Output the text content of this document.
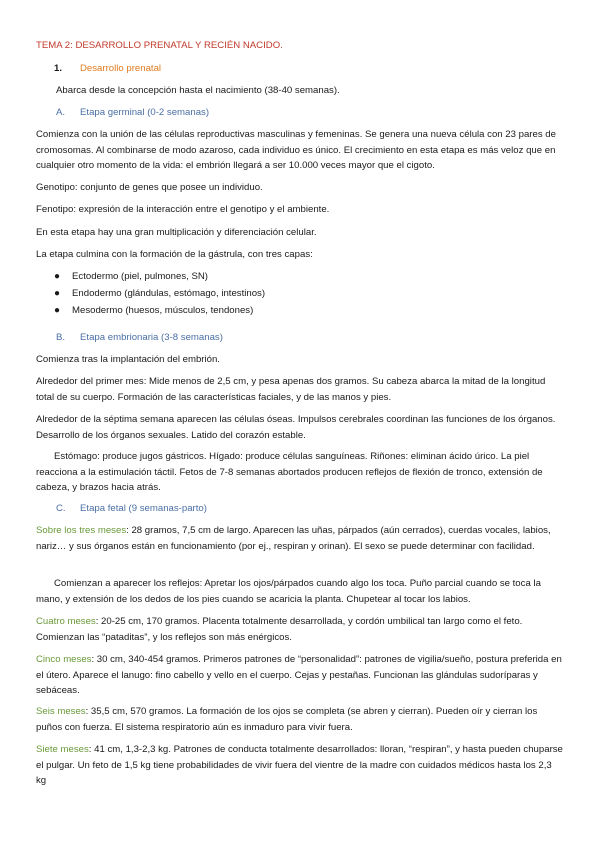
TEMA 2: DESARROLLO PRENATAL Y RECIÉN NACIDO.

1. Desarrollo prenatal

Abarca desde la concepción hasta el nacimiento (38-40 semanas).

A. Etapa germinal (0-2 semanas)

Comienza con la unión de las células reproductivas masculinas y femeninas. Se genera una nueva célula con 23 pares de cromosomas. Al combinarse de modo azaroso, cada individuo es único. El crecimiento en esta etapa es más veloz que en cualquier otro momento de la vida: el embrión llegará a ser 10.000 veces mayor que el cigoto.

Genotipo: conjunto de genes que posee un individuo.

Fenotipo: expresión de la interacción entre el genotipo y el ambiente.

En esta etapa hay una gran multiplicación y diferenciación celular.

La etapa culmina con la formación de la gástrula, con tres capas:

● Ectodermo (piel, pulmones, SN)
● Endodermo (glándulas, estómago, intestinos)
● Mesodermo (huesos, músculos, tendones)

B. Etapa embrionaria (3-8 semanas)

Comienza tras la implantación del embrión.

Alrededor del primer mes: Mide menos de 2,5 cm, y pesa apenas dos gramos. Su cabeza abarca la mitad de la longitud total de su cuerpo. Formación de las características faciales, y de las manos y pies.

Alrededor de la séptima semana aparecen las células óseas. Impulsos cerebrales coordinan las funciones de los órganos. Desarrollo de los órganos sexuales. Latido del corazón estable.

Estómago: produce jugos gástricos. Hígado: produce células sanguíneas. Riñones: eliminan ácido úrico. La piel reacciona a la estimulación táctil. Fetos de 7-8 semanas abortados producen reflejos de flexión de tronco, extensión de cabeza, y brazos hacia atrás.

C. Etapa fetal (9 semanas-parto)

Sobre los tres meses: 28 gramos, 7,5 cm de largo. Aparecen las uñas, párpados (aún cerrados), cuerdas vocales, labios, nariz… y sus órganos están en funcionamiento (por ej., respiran y orinan). El sexo se puede determinar con facilidad.

Comienzan a aparecer los reflejos: Apretar los ojos/párpados cuando algo los toca. Puño parcial cuando se toca la mano, y extensión de los dedos de los pies cuando se acaricia la planta. Chupetear al tocar los labios.

Cuatro meses: 20-25 cm, 170 gramos. Placenta totalmente desarrollada, y cordón umbilical tan largo como el feto. Comienzan las “pataditas”, y los reflejos son más enérgicos.

Cinco meses: 30 cm, 340-454 gramos. Primeros patrones de “personalidad”: patrones de vigilia/sueño, postura preferida en el útero. Aparece el lanugo: fino cabello y vello en el cuerpo. Cejas y pestañas. Funcionan las glándulas sudoríparas y sebáceas.

Seis meses: 35,5 cm, 570 gramos. La formación de los ojos se completa (se abren y cierran). Pueden oír y cierran los puños con fuerza. El sistema respiratorio aún es inmaduro para vivir fuera.

Siete meses: 41 cm, 1,3-2,3 kg. Patrones de conducta totalmente desarrollados: lloran, “respiran”, y hasta pueden chuparse el pulgar. Un feto de 1,5 kg tiene probabilidades de vivir fuera del vientre de la madre con cuidados médicos hasta los 2,3 kg
